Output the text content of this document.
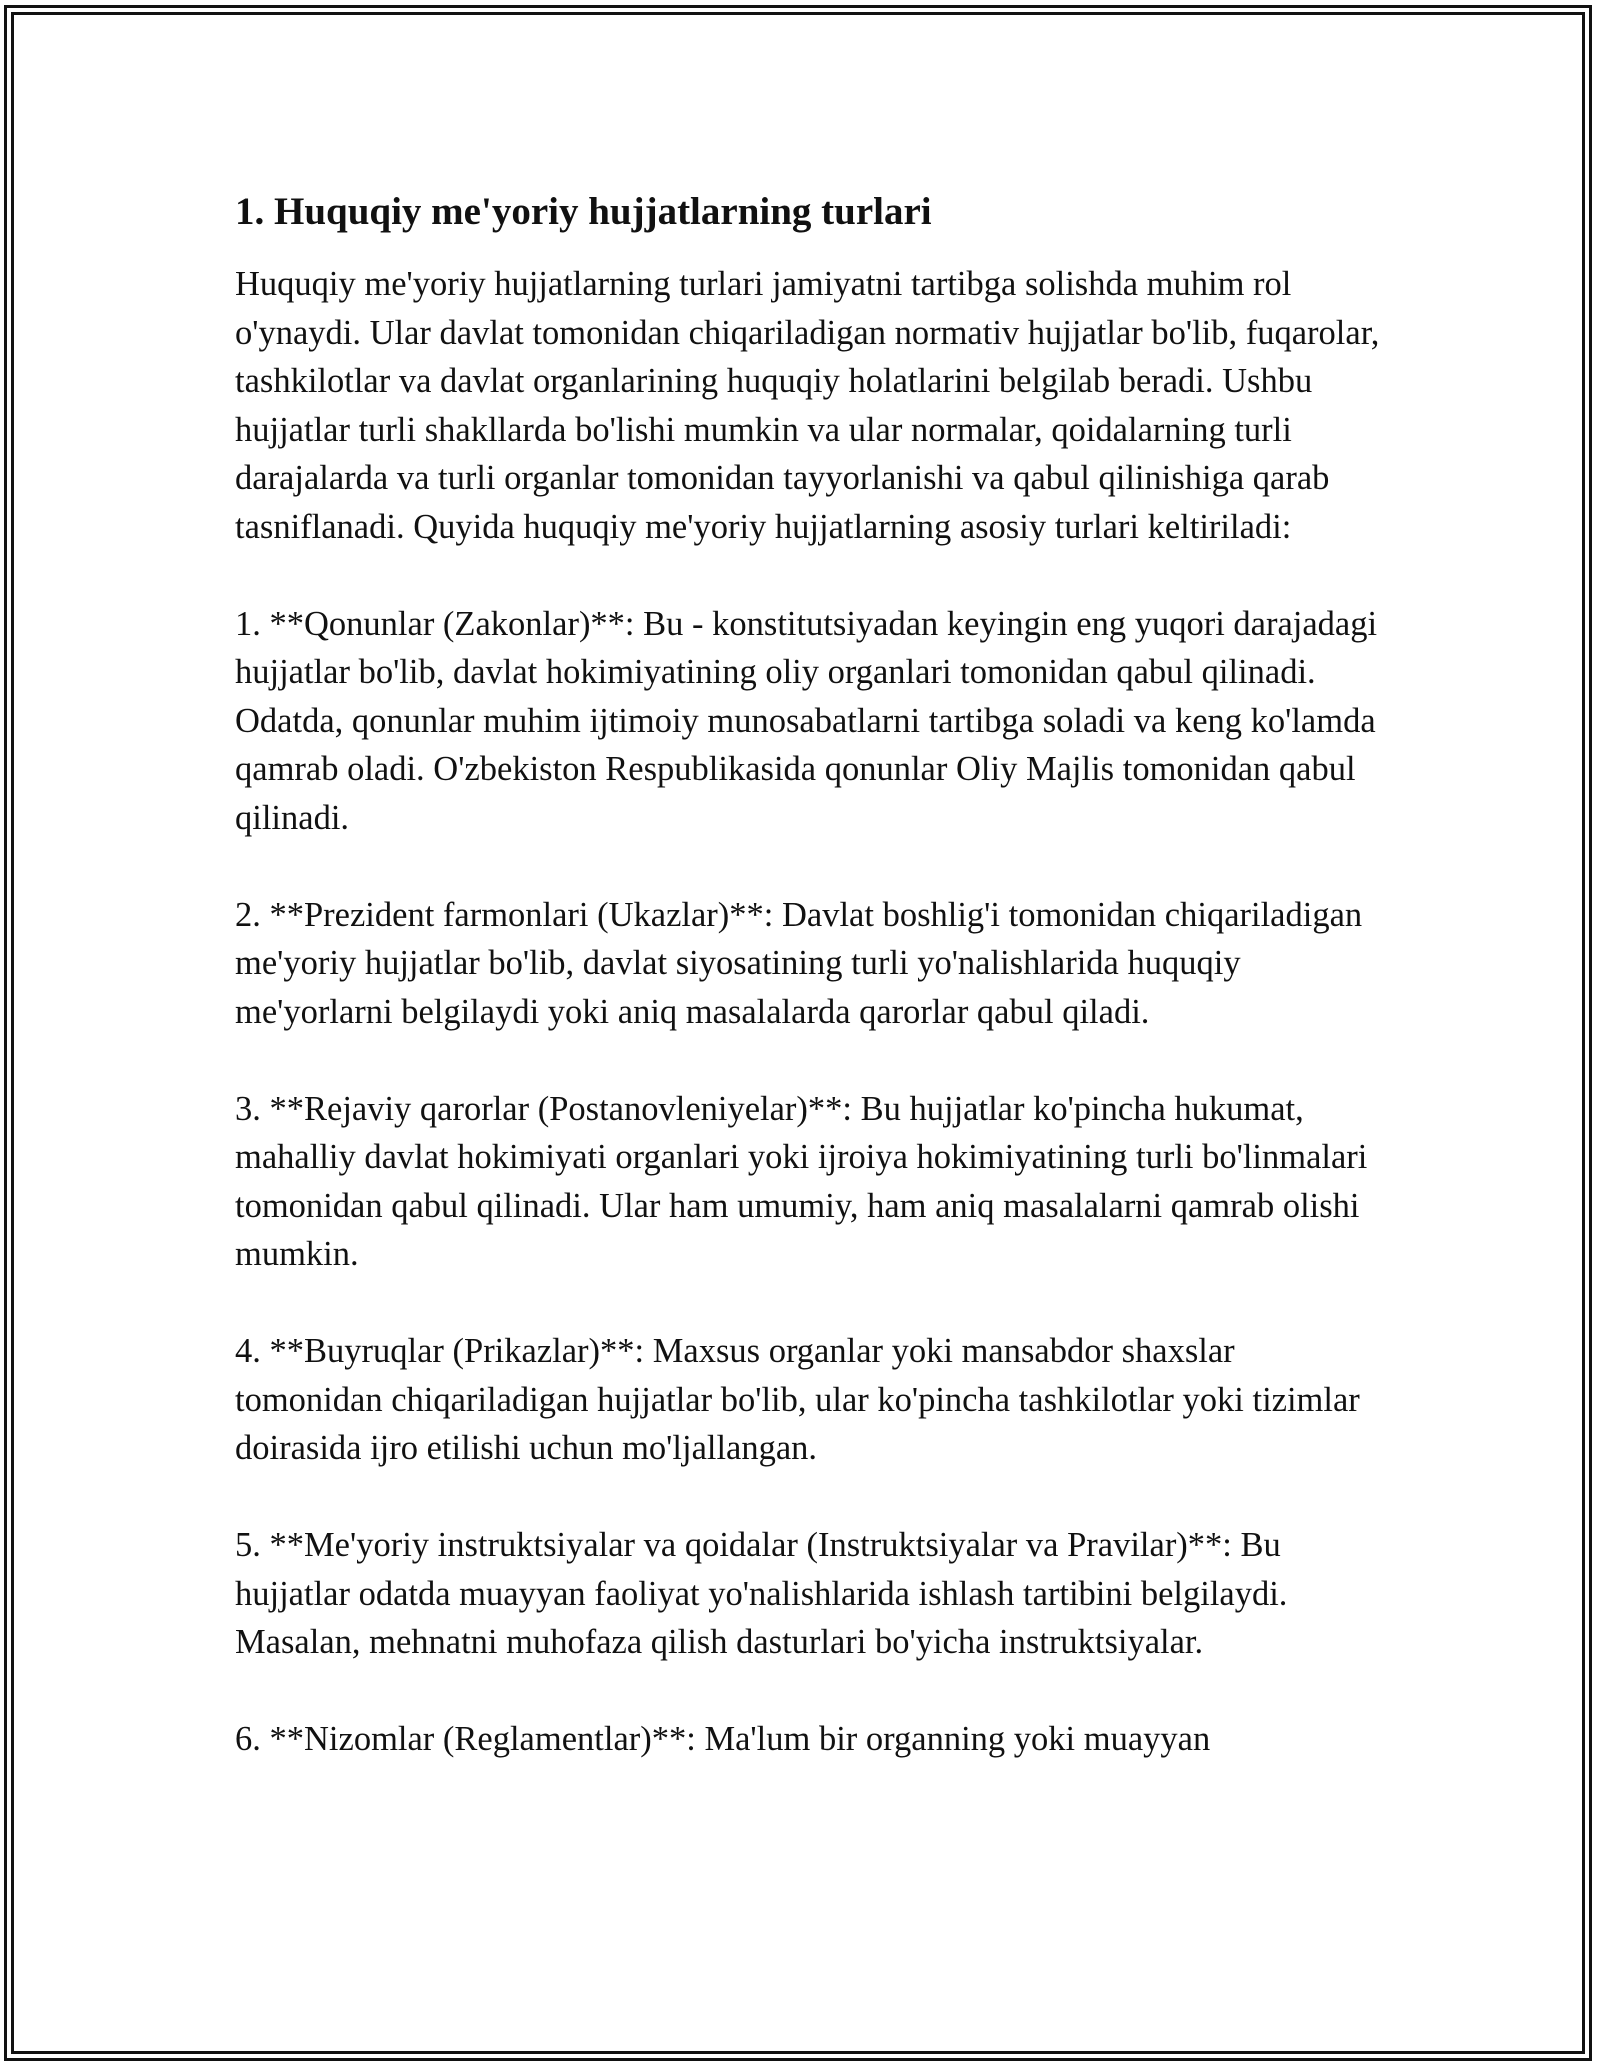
1. Huquqiy me'yoriy hujjatlarning turlari

Huquqiy me'yoriy hujjatlarning turlari jamiyatni tartibga solishda muhim rol o'ynaydi. Ular davlat tomonidan chiqariladigan normativ hujjatlar bo'lib, fuqarolar, tashkilotlar va davlat organlarining huquqiy holatlarini belgilab beradi. Ushbu hujjatlar turli shakllarda bo'lishi mumkin va ular normalar, qoidalarning turli darajalarda va turli organlar tomonidan tayyorlanishi va qabul qilinishiga qarab tasniflanadi. Quyida huquqiy me'yoriy hujjatlarning asosiy turlari keltiriladi:

1. **Qonunlar (Zakonlar)**: Bu - konstitutsiyadan keyingin eng yuqori darajadagi hujjatlar bo'lib, davlat hokimiyatining oliy organlari tomonidan qabul qilinadi. Odatda, qonunlar muhim ijtimoiy munosabatlarni tartibga soladi va keng ko'lamda qamrab oladi. O'zbekiston Respublikasida qonunlar Oliy Majlis tomonidan qabul qilinadi.

2. **Prezident farmonlari (Ukazlar)**: Davlat boshlig'i tomonidan chiqariladigan me'yoriy hujjatlar bo'lib, davlat siyosatining turli yo'nalishlarida huquqiy me'yorlarni belgilaydi yoki aniq masalalarda qarorlar qabul qiladi.

3. **Rejaviy qarorlar (Postanovleniyelar)**: Bu hujjatlar ko'pincha hukumat, mahalliy davlat hokimiyati organlari yoki ijroiya hokimiyatining turli bo'linmalari tomonidan qabul qilinadi. Ular ham umumiy, ham aniq masalalarni qamrab olishi mumkin.

4. **Buyruqlar (Prikazlar)**: Maxsus organlar yoki mansabdor shaxslar tomonidan chiqariladigan hujjatlar bo'lib, ular ko'pincha tashkilotlar yoki tizimlar doirasida ijro etilishi uchun mo'ljallangan.

5. **Me'yoriy instruktsiyalar va qoidalar (Instruktsiyalar va Pravilar)**: Bu hujjatlar odatda muayyan faoliyat yo'nalishlarida ishlash tartibini belgilaydi. Masalan, mehnatni muhofaza qilish dasturlari bo'yicha instruktsiyalar.

6. **Nizomlar (Reglamentlar)**: Ma'lum bir organning yoki muayyan
